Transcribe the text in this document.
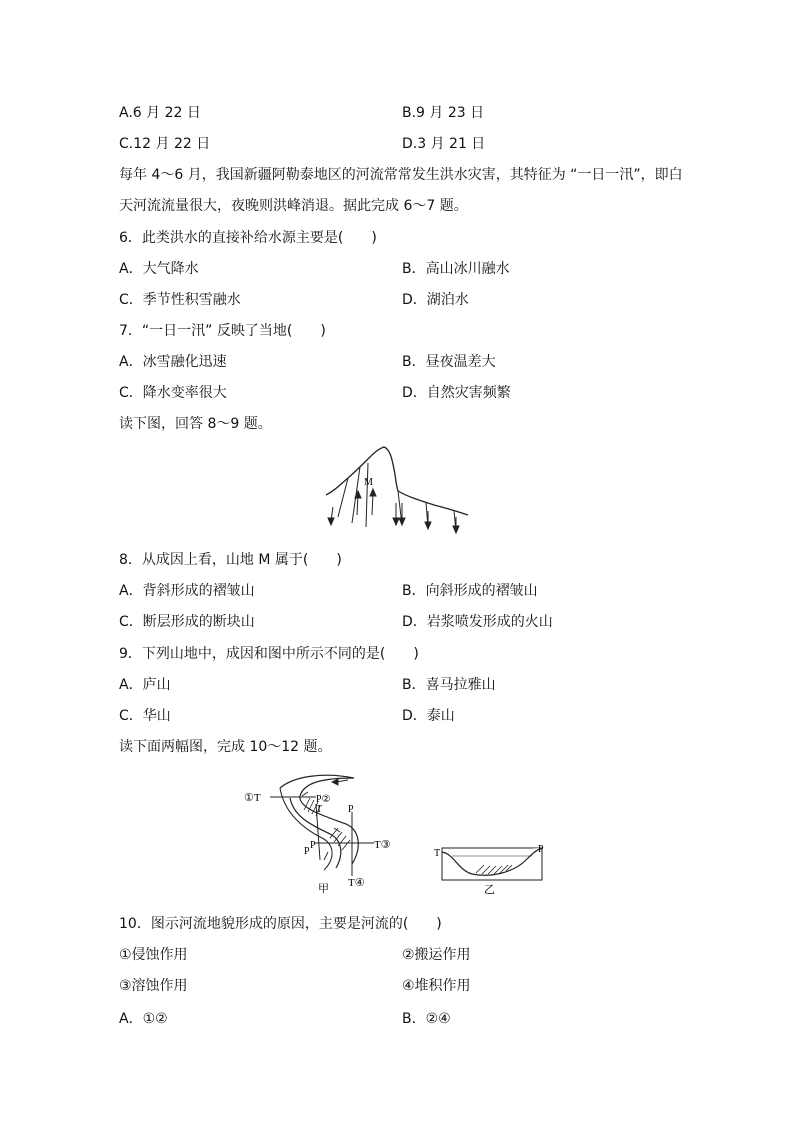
A.6 月 22 日	B.9 月 23 日
C.12 月 22 日	D.3 月 21 日
每年 4～6 月，我国新疆阿勒泰地区的河流常常发生洪水灾害，其特征为 “一日一汛”，即白
天河流流量很大，夜晚则洪峰消退。据此完成 6～7 题。
6．此类洪水的直接补给水源主要是(　　)
A．大气降水	B．高山冰川融水
C．季节性积雪融水	D．湖泊水
7．“一日一汛” 反映了当地(　　)
A．冰雪融化迅速	B．昼夜温差大
C．降水变率很大	D．自然灾害频繁
读下图，回答 8～9 题。
M
8．从成因上看，山地 M 属于(　　)
A．背斜形成的褶皱山	B．向斜形成的褶皱山
C．断层形成的断块山	D．岩浆喷发形成的火山
9．下列山地中，成因和图中所示不同的是(　　)
A．庐山	B．喜马拉雅山
C．华山	D．泰山
读下面两幅图，完成 10～12 题。
①T	P②
T	P
P
P
T③
T④
甲
T	P
乙
10．图示河流地貌形成的原因，主要是河流的(　　)
①侵蚀作用	②搬运作用
③溶蚀作用	④堆积作用
A．①②	B．②④
